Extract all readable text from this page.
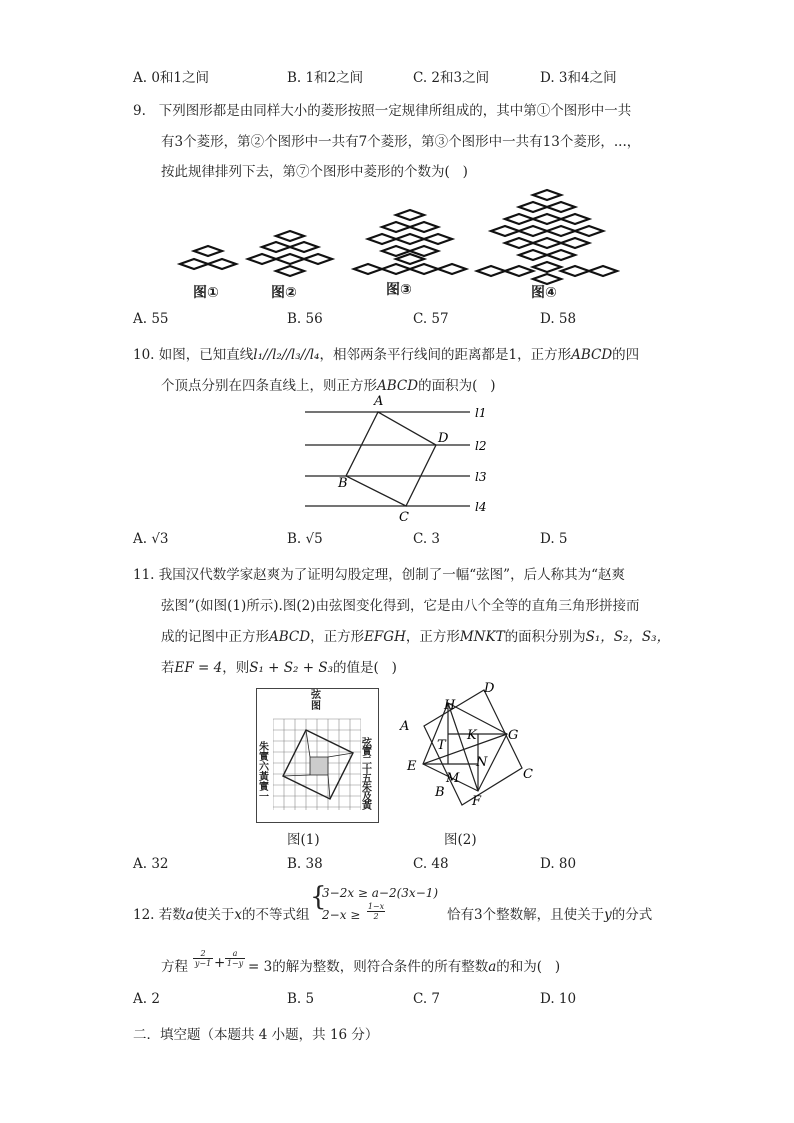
A. 0和1之间	B. 1和2之间	C. 2和3之间	D. 3和4之间
9.   下列图形都是由同样大小的菱形按照一定规律所组成的，其中第①个图形中一共
有3个菱形，第②个图形中一共有7个菱形，第③个图形中一共有13个菱形，...，
按此规律排列下去，第⑦个图形中菱形的个数为(   )
图①	图②	图③	图④
A. 55	B. 56	C. 57	D. 58
10. 如图，已知直线l₁//l₂//l₃//l₄，相邻两条平行线间的距离都是1，正方形ABCD的四
个顶点分别在四条直线上，则正方形ABCD的面积为(   )
A
D
B
C
l1
l2
l3
l4
A. √3	B. √5	C. 3	D. 5
11. 我国汉代数学家赵爽为了证明勾股定理，创制了一幅“弦图”，后人称其为“赵爽
弦图”(如图(1)所示).图(2)由弦图变化得到，它是由八个全等的直角三角形拼接而
成的记图中正方形ABCD，正方形EFGH，正方形MNKT的面积分别为S₁，S₂，S₃，
若EF = 4，则S₁ + S₂ + S₃的值是(   )
弦图
朱實六黃實一
弦實二十五朱及黃
图(1)
A
B
C
D
E
F
G
H
T
K
M
N
图(2)
A. 32	B. 38	C. 48	D. 80
12. 若数a使关于x的不等式组
{
3−2x ≥ a−2(3x−1)
$2-x \ge \frac{1-x}{2}$	恰有3个整数解，且使关于y的分式
方程 $\frac{2}{y-1} + \frac{a}{1-y} = 3$的解为整数，则符合条件的所有整数a的和为(   )
A. 2	B. 5	C. 7	D. 10
二．填空题（本题共 4 小题，共 16 分）
